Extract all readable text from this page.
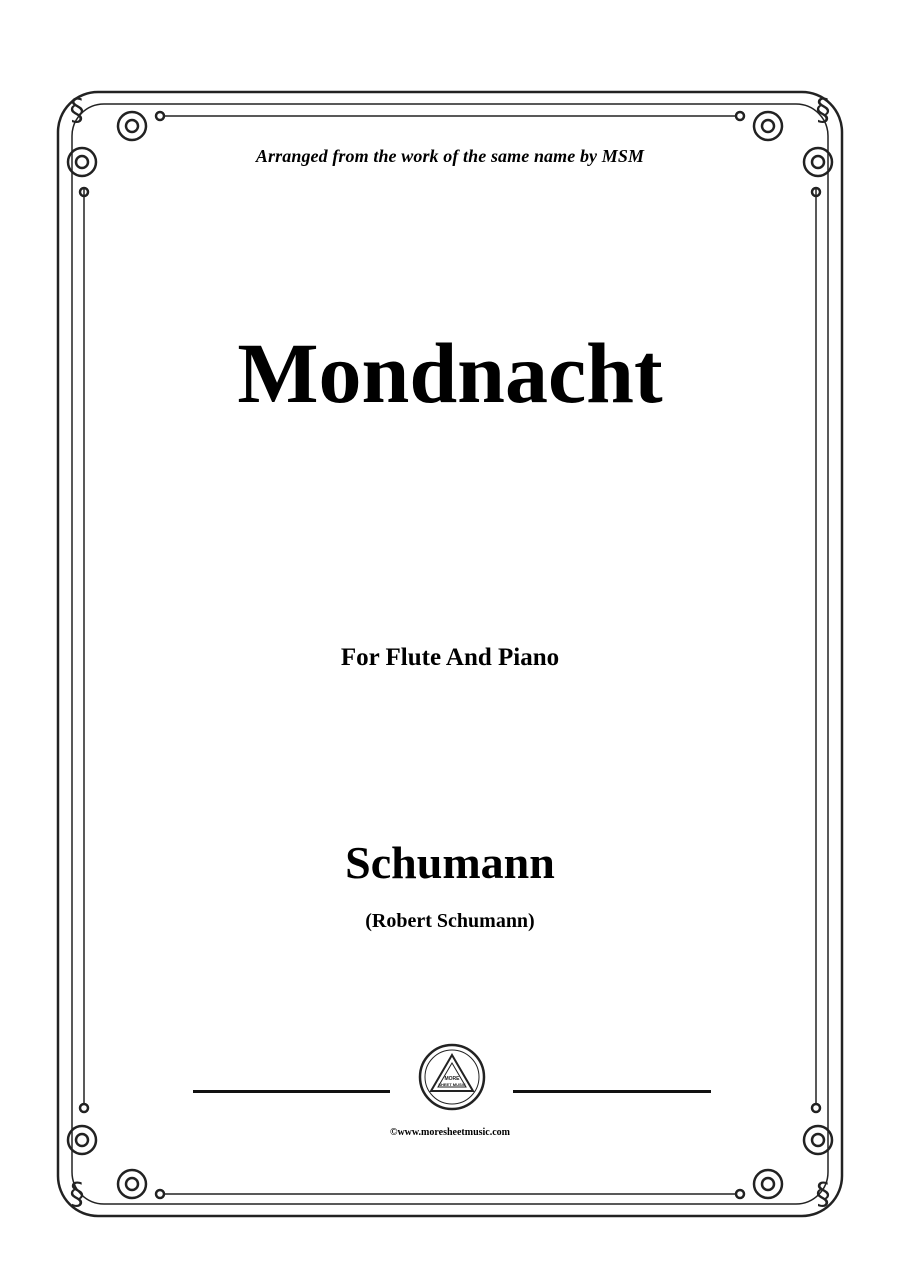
§	§
§	§
Arranged from the work of the same name by MSM
Mondnacht
For Flute And Piano
Schumann
(Robert Schumann)
MORE
SHEET MUSIC
©www.moresheetmusic.com
